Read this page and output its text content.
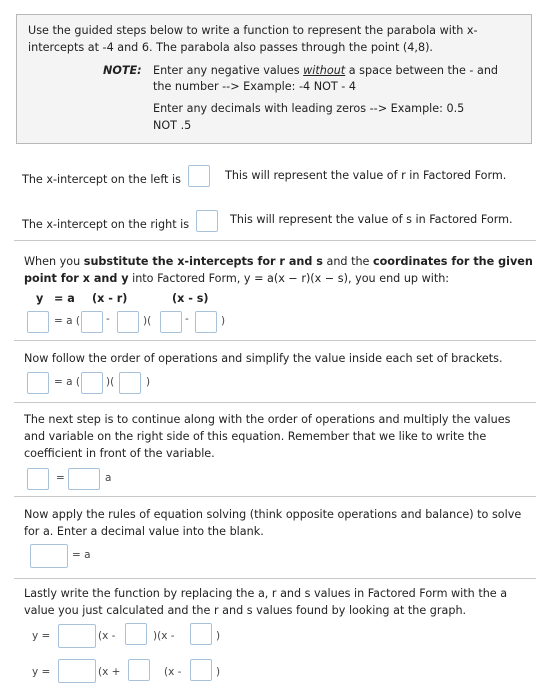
Use the guided steps below to write a function to represent the parabola with x-
intercepts at -4 and 6. The parabola also passes through the point (4,8).
NOTE: Enter any negative values without a space between the - and
the number --> Example: -4 NOT - 4
Enter any decimals with leading zeros --> Example: 0.5
NOT .5
The x-intercept on the left is	This will represent the value of r in Factored Form.
The x-intercept on the right is	This will represent the value of s in Factored Form.
When you substitute the x-intercepts for r and s and the coordinates for the given
point for x and y into Factored Form, y = a(x − r)(x − s), you end up with:
y = a (x - r)	(x - s)
= a ( -	)(	-	)
Now follow the order of operations and simplify the value inside each set of brackets.
= a ( )(	)
The next step is to continue along with the order of operations and multiply the values
and variable on the right side of this equation. Remember that we like to write the
coefficient in front of the variable.
=	a
Now apply the rules of equation solving (think opposite operations and balance) to solve
for a. Enter a decimal value into the blank.
= a
Lastly write the function by replacing the a, r and s values in Factored Form with the a
value you just calculated and the r and s values found by looking at the graph.
y =	(x -	)(x -	)
y =	(x +	(x -	)
